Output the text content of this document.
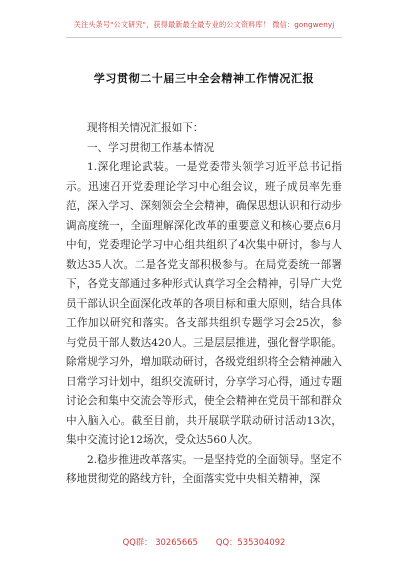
关注头条号"公文研究"，获得最新最全最专业的公文资料库！ 微信：gongwenyj
学习贯彻二十届三中全会精神工作情况汇报

现将相关情况汇报如下：

一、学习贯彻工作基本情况

1.深化理论武装。一是党委带头领学习近平总书记指示。迅速召开党委理论学习中心组会议，班子成员率先垂范，深入学习、深刻领会全会精神，确保思想认识和行动步调高度统一，全面理解深化改革的重要意义和核心要点6月中旬，党委理论学习中心组共组织了4次集中研讨，参与人数达35人次。二是各党支部积极参与。在局党委统一部署下，各党支部通过多种形式认真学习全会精神，引导广大党员干部认识全面深化改革的各项目标和重大原则，结合具体工作加以研究和落实。各支部共组织专题学习会25次，参与党员干部人数达420人。三是层层推进，强化督学职能。除常规学习外，增加联动研讨，各级党组织将全会精神融入日常学习计划中，组织交流研讨，分享学习心得，通过专题讨论会和集中交流会等形式，使全会精神在党员干部和群众中入脑入心。截至目前，共开展联学联动研讨活动13次，集中交流讨论12场次，受众达560人次。

2.稳步推进改革落实。一是坚持党的全面领导。坚定不移地贯彻党的路线方针，全面落实党中央相关精神，深

QQ群： 30265665 QQ：535304092
